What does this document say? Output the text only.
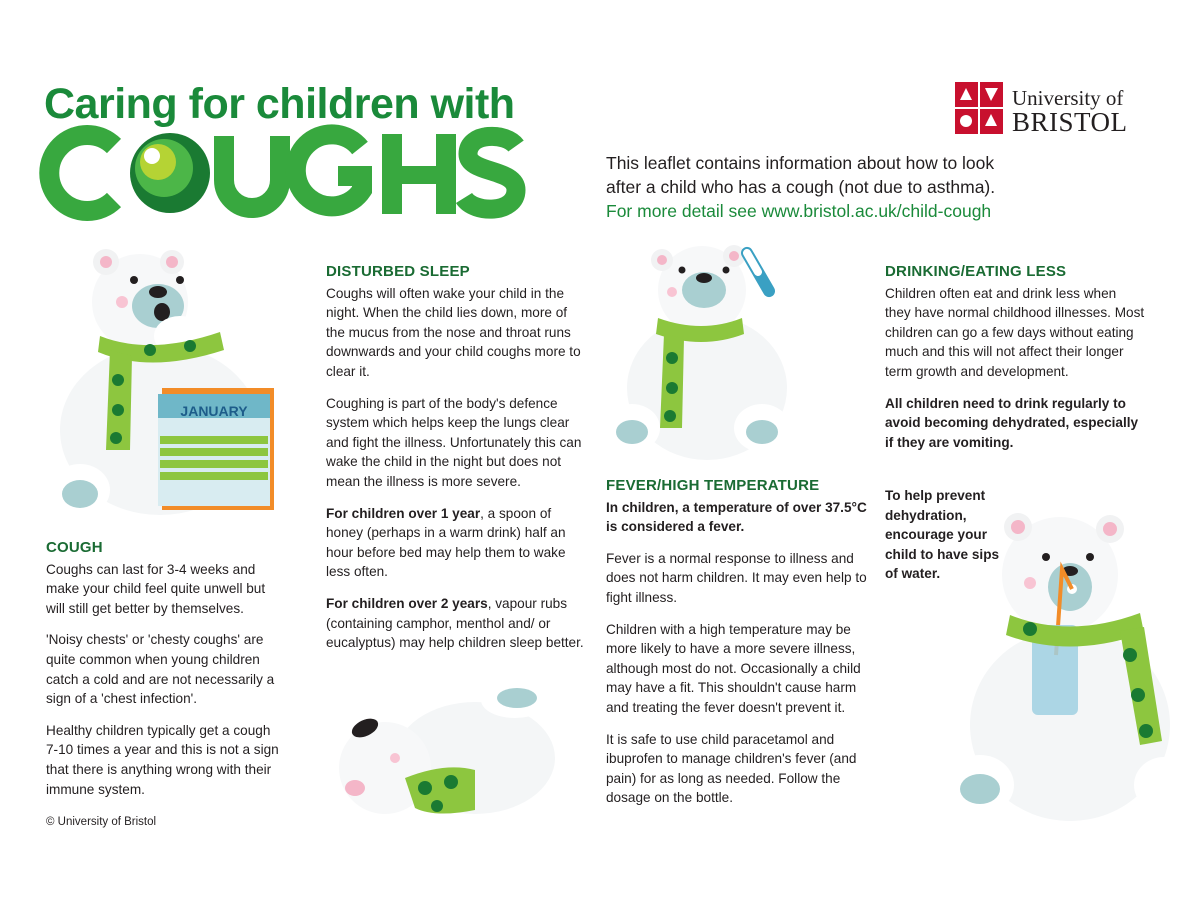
Caring for children with	University of
BRISTOL
This leaflet contains information about how to look
after a child who has a cough (not due to asthma).
For more detail see www.bristol.ac.uk/child-cough
JANUARY
COUGH

Coughs can last for 3-4 weeks and make your child feel quite unwell but will still get better by themselves.

'Noisy chests' or 'chesty coughs' are quite common when young children catch a cold and are not necessarily a sign of a 'chest infection'.

Healthy children typically get a cough 7-10 times a year and this is not a sign that there is anything wrong with their immune system.

© University of Bristol
DISTURBED SLEEP

Coughs will often wake your child in the night. When the child lies down, more of the mucus from the nose and throat runs downwards and your child coughs more to clear it.

Coughing is part of the body's defence system which helps keep the lungs clear and fight the illness. Unfortunately this can wake the child in the night but does not mean the illness is more severe.

For children over 1 year, a spoon of honey (perhaps in a warm drink) half an hour before bed may help them to wake less often.

For children over 2 years, vapour rubs (containing camphor, menthol and/ or eucalyptus) may help children sleep better.

FEVER/HIGH TEMPERATURE

In children, a temperature of over 37.5°C is considered a fever.

Fever is a normal response to illness and does not harm children. It may even help to fight illness.

Children with a high temperature may be more likely to have a more severe illness, although most do not. Occasionally a child may have a fit. This shouldn't cause harm and treating the fever doesn't prevent it.

It is safe to use child paracetamol and ibuprofen to manage children's fever (and pain) for as long as needed. Follow the dosage on the bottle.

DRINKING/EATING LESS

Children often eat and drink less when they have normal childhood illnesses. Most children can go a few days without eating much and this will not affect their longer term growth and development.

All children need to drink regularly to avoid becoming dehydrated, especially if they are vomiting.

To help prevent dehydration, encourage your child to have sips of water.
